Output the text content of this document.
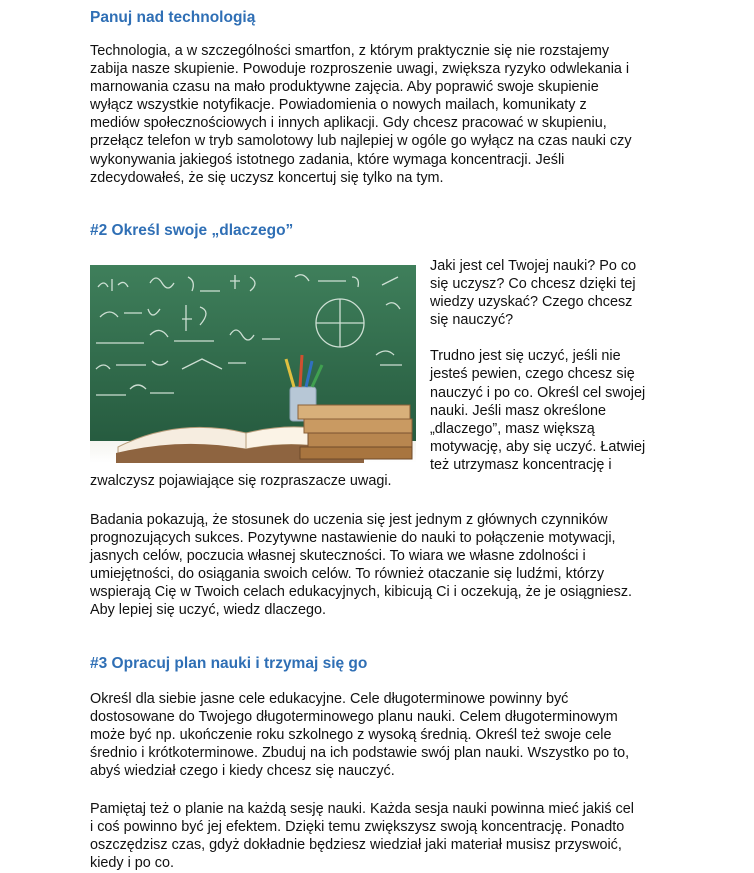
Panuj nad technologią

Technologia, a w szczególności smartfon, z którym praktycznie się nie rozstajemy
zabija nasze skupienie. Powoduje rozproszenie uwagi, zwiększa ryzyko odwlekania i
marnowania czasu na mało produktywne zajęcia. Aby poprawić swoje skupienie
wyłącz wszystkie notyfikacje. Powiadomienia o nowych mailach, komunikaty z
mediów społecznościowych i innych aplikacji. Gdy chcesz pracować w skupieniu,
przełącz telefon w tryb samolotowy lub najlepiej w ogóle go wyłącz na czas nauki czy
wykonywania jakiegoś istotnego zadania, które wymaga koncentracji. Jeśli
zdecydowałeś, że się uczysz koncertuj się tylko na tym.

#2 Określ swoje „dlaczego”

Jaki jest cel Twojej nauki? Po co
się uczysz? Co chcesz dzięki tej
wiedzy uzyskać? Czego chcesz
się nauczyć?

Trudno jest się uczyć, jeśli nie
jesteś pewien, czego chcesz się
nauczyć i po co. Określ cel swojej
nauki. Jeśli masz określone
„dlaczego”, masz większą
motywację, aby się uczyć. Łatwiej
też utrzymasz koncentrację i

zwalczysz pojawiające się rozpraszacze uwagi.

Badania pokazują, że stosunek do uczenia się jest jednym z głównych czynników
prognozujących sukces. Pozytywne nastawienie do nauki to połączenie motywacji,
jasnych celów, poczucia własnej skuteczności. To wiara we własne zdolności i
umiejętności, do osiągania swoich celów. To również otaczanie się ludźmi, którzy
wspierają Cię w Twoich celach edukacyjnych, kibicują Ci i oczekują, że je osiągniesz.
Aby lepiej się uczyć, wiedz dlaczego.

#3 Opracuj plan nauki i trzymaj się go

Określ dla siebie jasne cele edukacyjne. Cele długoterminowe powinny być
dostosowane do Twojego długoterminowego planu nauki. Celem długoterminowym
może być np. ukończenie roku szkolnego z wysoką średnią. Określ też swoje cele
średnio i krótkoterminowe. Zbuduj na ich podstawie swój plan nauki. Wszystko po to,
abyś wiedział czego i kiedy chcesz się nauczyć.

Pamiętaj też o planie na każdą sesję nauki. Każda sesja nauki powinna mieć jakiś cel
i coś powinno być jej efektem. Dzięki temu zwiększysz swoją koncentrację. Ponadto
oszczędzisz czas, gdyż dokładnie będziesz wiedział jaki materiał musisz przyswoić,
kiedy i po co.
